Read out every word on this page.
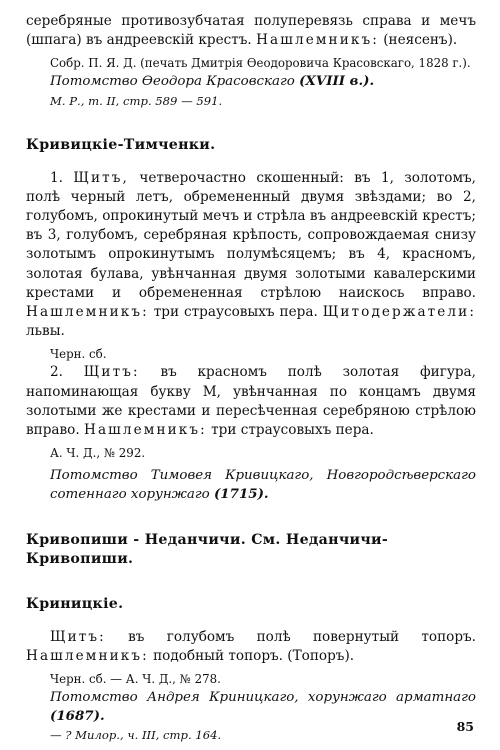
серебряные противозубчатая полуперевязь справа и мечъ (шпага) въ андреевскій крестъ. Нашлемникъ: (неясенъ).

Собр. П. Я. Д. (печать Дмитрія Өеодоровича Красовскаго, 1828 г.).

Потомство Өеодора Красовскаго (XVIII в.).

М. Р., т. II, стр. 589 — 591.

Кривицкіе-Тимченки.

1. Щитъ, четверочастно скошенный: въ 1, золотомъ, полѣ черный летъ, обремененный двумя звѣздами; во 2, голубомъ, опрокинутый мечъ и стрѣла въ андреевскій крестъ; въ 3, голубомъ, серебряная крѣпость, сопровождаемая снизу золотымъ опрокинутымъ полумѣсяцемъ; въ 4, красномъ, золотая булава, увѣнчанная двумя золотыми кавалерскими крестами и обремененная стрѣлою наискось вправо. Нашлемникъ: три страусовыхъ пера. Щитодержатели: львы.

Черн. сб.

2. Щитъ: въ красномъ полѣ золотая фигура, напоминающая букву М, увѣнчанная по концамъ двумя золотыми же крестами и пересѣченная серебряною стрѣлою вправо. Нашлемникъ: три страусовыхъ пера.

А. Ч. Д., № 292.

Потомство Тимовея Кривицкаго, Новгородсѣверскаго сотеннаго хорунжаго (1715).

Кривопиши - Неданчичи. См. Неданчичи-Кривопиши.

Криницкіе.

Щитъ: въ голубомъ полѣ повернутый топоръ. Нашлемникъ: подобный топоръ. (Топоръ).

Черн. сб. — А. Ч. Д., № 278.

Потомство Андрея Криницкаго, хорунжаго арматнаго (1687).

— ? Милор., ч. III, стр. 164.

85
